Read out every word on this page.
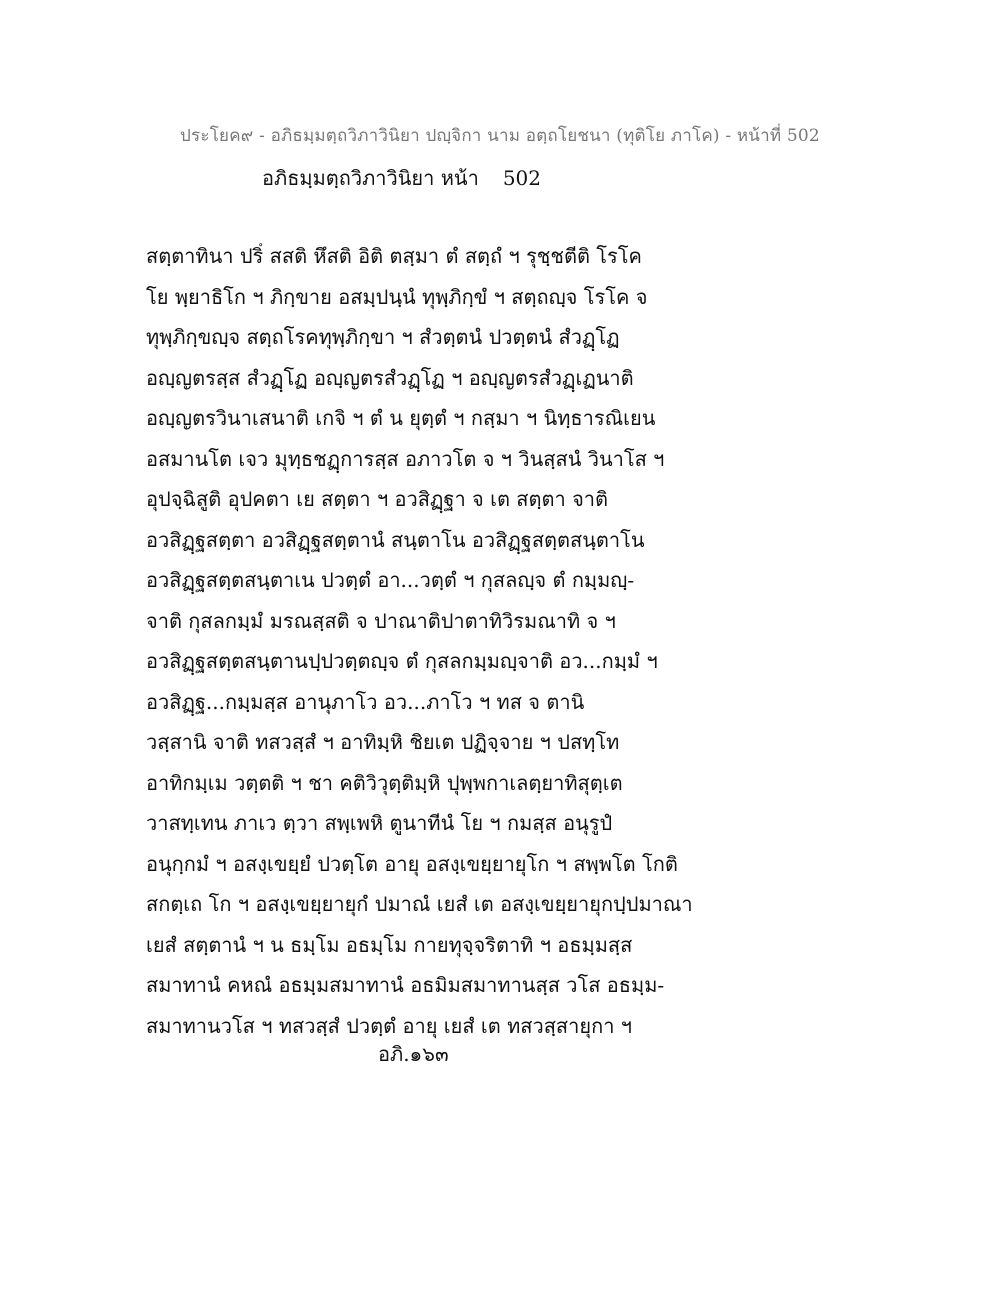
ประโยค๙ - อภิธมฺมตฺถวิภาวินิยา ปญฺจิกา นาม อตฺถโยชนา (ทุติโย ภาโค) - หน้าที่ 502
อภิธมฺมตฺถวิภาวินิยา หน้า 502
สตฺตาทินา ปริํ สสติ หึสติ อิติ ตสฺมา ตํ สตฺถํ ฯ รุชฺชตีติ โรโค
โย พฺยาธิโก ฯ ภิกฺขาย อสมฺปนฺนํ ทุพฺภิกฺขํ ฯ สตฺถญฺจ โรโค จ
ทุพฺภิกฺขญฺจ สตฺถโรคทุพฺภิกฺขา ฯ สํวตฺตนํ ปวตฺตนํ สํวฏฺโฏ
อญฺญตรสฺส สํวฏฺโฏ อญฺญตรสํวฏฺโฏ ฯ อญฺญตรสํวฏฺเฏนาติ
อญฺญตรวินาเสนาติ เกจิ ฯ ตํ น ยุตฺตํ ฯ กสฺมา ฯ นิทฺธารณิเยน
อสมานโต เจว มุทฺธชฏฺการสฺส อภาวโต จ ฯ วินสฺสนํ วินาโส ฯ
อุปจฺฉิสูติ อุปคตา เย สตฺตา ฯ อวสิฏฺฐา จ เต สตฺตา จาติ
อวสิฏฺฐสตฺตา อวสิฏฺฐสตฺตานํ สนฺตาโน อวสิฏฺฐสตฺตสนฺตาโน
อวสิฏฺฐสตฺตสนฺตาเน ปวตฺตํ อา...วตฺตํ ฯ กุสลญฺจ ตํ กมฺมญฺ-
จาติ กุสลกมฺมํ มรณสฺสติ จ ปาณาติปาตาทิวิรมณาทิ จ ฯ
อวสิฏฺฐสตฺตสนฺตานปฺปวตฺตญฺจ ตํ กุสลกมฺมญฺจาติ อว...กมฺมํ ฯ
อวสิฏฺฐ...กมฺมสฺส อานุภาโว อว...ภาโว ฯ ทส จ ตานิ
วสฺสานิ จาติ ทสวสฺสํ ฯ อาทิมฺหิ ชิยเต ปฏิจฺจาย ฯ ปสทฺโท
อาทิกมฺเม วตฺตติ ฯ ชา คติวิวุตฺติมฺหิ ปุพฺพกาเลตฺยาทิสุตฺเต
วาสทฺเทน ภาเว ตฺวา สพฺเพหิ ตูนาทีนํ โย ฯ กมสฺส อนุรูปํ
อนุกฺกมํ ฯ อสงฺเขยฺยํ ปวตฺโต อายุ อสงฺเขยฺยายุโก ฯ สพฺพโต โกติ
สกตฺเถ โก ฯ อสงฺเขยฺยายุกํ ปมาณํ เยสํ เต อสงฺเขยฺยายุกปฺปมาณา
เยสํ สตฺตานํ ฯ น ธมฺโม อธมฺโม กายทุจฺจริตาทิ ฯ อธมฺมสฺส
สมาทานํ คหณํ อธมฺมสมาทานํ อธมิมสมาทานสฺส วโส อธมฺม-
สมาทานวโส ฯ ทสวสฺสํ ปวตฺตํ อายุ เยสํ เต ทสวสฺสายุกา ฯ
อภิ.๑๖๓
